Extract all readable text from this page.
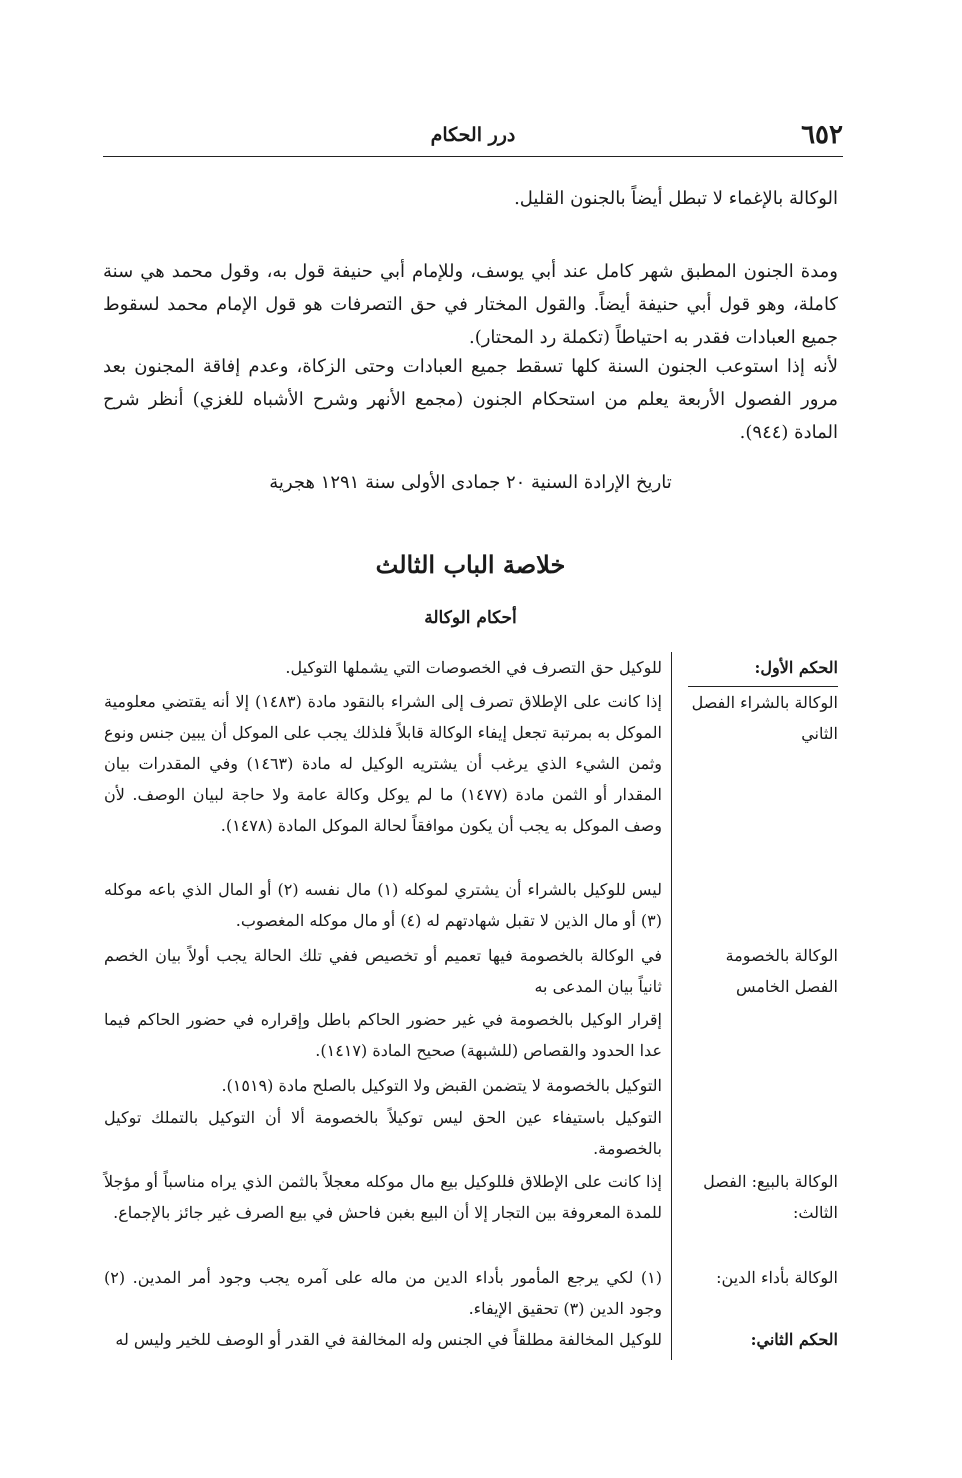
٦٥٢
درر الحكام

الوكالة بالإغماء لا تبطل أيضاً بالجنون القليل.

ومدة الجنون المطبق شهر كامل عند أبي يوسف، وللإمام أبي حنيفة قول به، وقول محمد هي سنة كاملة، وهو قول أبي حنيفة أيضاً. والقول المختار في حق التصرفات هو قول الإمام محمد لسقوط جميع العبادات فقدر به احتياطاً (تكملة رد المحتار).

لأنه إذا استوعب الجنون السنة كلها تسقط جميع العبادات وحتى الزكاة، وعدم إفاقة المجنون بعد مرور الفصول الأربعة يعلم من استحكام الجنون (مجمع الأنهر وشرح الأشباه للغزي) أنظر شرح المادة (٩٤٤).

تاريخ الإرادة السنية ٢٠ جمادى الأولى سنة ١٢٩١ هجرية

خلاصة الباب الثالث
أحكام الوكالة
الحكم الأول:
للوكيل حق التصرف في الخصوصات التي يشملها التوكيل.
الوكالة بالشراء الفصل الثاني
إذا كانت على الإطلاق تصرف إلى الشراء بالنقود مادة (١٤٨٣) إلا أنه يقتضي معلومية الموكل به بمرتبة تجعل إيفاء الوكالة قابلاً فلذلك يجب على الموكل أن يبين جنس ونوع وثمن الشيء الذي يرغب أن يشتريه الوكيل له مادة (١٤٦٣) وفي المقدرات بيان المقدار أو الثمن مادة (١٤٧٧) ما لم يوكل وكالة عامة ولا حاجة لبيان الوصف. لأن وصف الموكل به يجب أن يكون موافقاً لحالة الموكل المادة (١٤٧٨).
ليس للوكيل بالشراء أن يشتري لموكله (١) مال نفسه (٢) أو المال الذي باعه موكله (٣) أو مال الذين لا تقبل شهادتهم له (٤) أو مال موكله المغصوب.
الوكالة بالخصومة الفصل الخامس
في الوكالة بالخصومة فيها تعميم أو تخصيص ففي تلك الحالة يجب أولاً بيان الخصم ثانياً بيان المدعى به
إقرار الوكيل بالخصومة في غير حضور الحاكم باطل وإقراره في حضور الحاكم فيما عدا الحدود والقصاص (للشبهة) صحيح المادة (١٤١٧).
التوكيل بالخصومة لا يتضمن القبض ولا التوكيل بالصلح مادة (١٥١٩).
التوكيل باستيفاء عين الحق ليس توكيلاً بالخصومة ألا أن التوكيل بالتملك توكيل بالخصومة.
الوكالة بالبيع: الفصل الثالث:
إذا كانت على الإطلاق فللوكيل بيع مال موكله معجلاً بالثمن الذي يراه مناسباً أو مؤجلاً للمدة المعروفة بين التجار إلا أن البيع بغبن فاحش في بيع الصرف غير جائز بالإجماع.
الوكالة بأداء الدين:
(١) لكي يرجع المأمور بأداء الدين من ماله على آمره يجب وجود أمر المدين. (٢) وجود الدين (٣) تحقيق الإيفاء.
الحكم الثاني:
للوكيل المخالفة مطلقاً في الجنس وله المخالفة في القدر أو الوصف للخير وليس له
